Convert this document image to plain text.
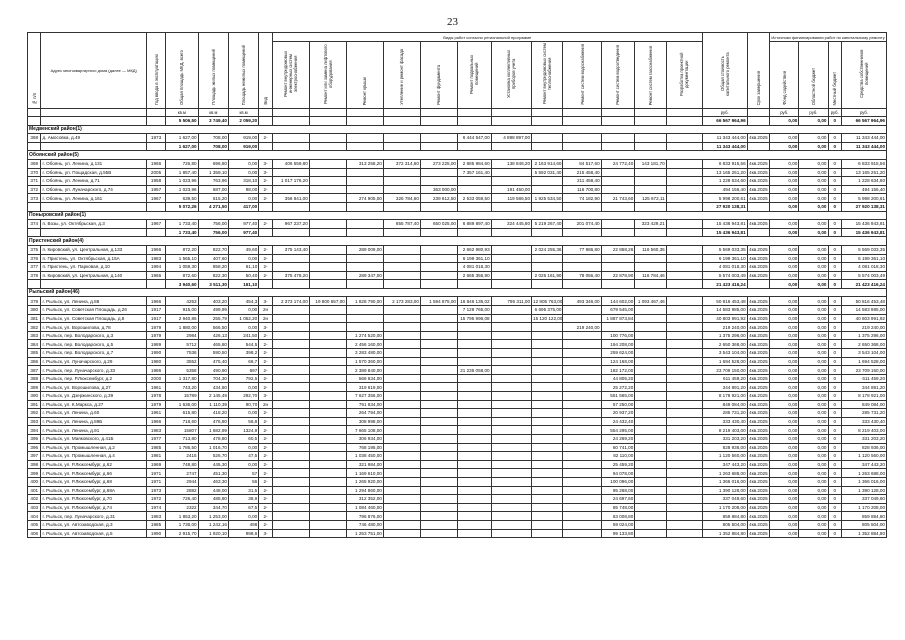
23
№ п/п	Адрес многоквартирного дома (далее — МКД)	Год ввода в эксплуатацию	Общая площадь МКД, всего	Площадь жилых помещений	Площадь нежилых помещений	Вид	Виды работ согласно региональной программе												Общая стоимость капитального ремонта	Срок завершения	Источники финансирования работ по капитальному ремонту			
							Ремонт внутридомовых инженерных систем электроснабжения	Ремонт или замена лифтового оборудования	Ремонт крыши	Утепление и ремонт фасада	Ремонт фундамента	Ремонт подвальных помещений	Установка коллективных приборов учета	Ремонт внутридомовых систем теплоснабжения	Ремонт систем водоснабжения	Ремонт систем водоотведения	Ремонт систем газоснабжения	Разработка проектной документации			Фонд содействия	Областной бюджет	Местный бюджет	Средства собственников помещений
			кв.м	кв.м	кв.м														руб.		руб.	руб.	руб.	руб.
			5 506,50	3 749,40	2 059,20														66 567 964,96		0,00	0,00	0	66 567 964,96
Медвенский район(1)																								
368	д. Амосовка, д.49	1973	1 627,00	708,00	919,00	2-						6 444 547,00	4 898 897,00						11 343 444,00	4кв.2025	0,00	0,00	0	11 343 444,00
			1 627,00	708,00	919,00														11 343 444,00		0,00	0,00	0	11 343 444,00
Обоянский район(5)																								
369	г. Обоянь, ул. Ленина, д.131	1966	726,80	696,80	0,00	3-	406 559,80		313 258,20	372 314,60	273 225,00	2 885 984,60	138 848,20	2 163 914,60	84 517,60	24 772,40	143 181,70		6 833 915,56	4кв.2025	0,00	0,00	0	6 833 915,56
370	г. Обоянь, ул. Пощадская, д.55В	2005	1 857,40	1 359,10	0,00	3-						7 357 161,40		5 592 031,40	215 458,40				13 165 251,20	4кв.2025	0,00	0,00	0	13 165 251,20
371	г. Обоянь, ул. Ленина, д.71	1958	1 023,96	763,96	318,10	2-	1 017 176,20								211 458,40				1 228 634,60	4кв.2025	0,00	0,00	0	1 228 634,60
372	г. Обоянь, ул. Луначарского, д.74	1957	1 023,96	687,00	98,00	2-					363 000,00		191 450,00		116 700,80				494 156,40	4кв.2025	0,00	0,00	0	494 156,40
373	г. Обоянь, ул. Ленина, д.161	1967	639,50	615,20	0,00	2-	356 841,00		274 905,00	326 784,60	239 812,50	2 533 059,50	119 586,50	1 925 534,50	74 182,90	21 743,60	125 672,11		5 998 200,61	4кв.2025	0,00	0,00	0	5 998 200,61
			5 072,26	4 271,50	417,00														27 920 138,31		0,00	0,00	0	27 920 138,31
Поныровский район(1)																								
374	п. Возы, ул. Октябрьская, д.3	1967	1 733,40	756,00	977,40	2-	967 237,20			855 787,40	650 025,00	6 889 897,40	324 445,80	5 219 267,40	201 074,40		323 429,21		15 436 943,81	4кв.2025	0,00	0,00	0	15 436 943,81
			1 733,40	756,00	977,40														15 436 943,81		0,00	0,00	0	15 436 943,81
Пристенский район(4)																								
375	п. Кировский, ул. Центральная, д.133	1966	872,20	822,70	49,60	2-	375 143,40		289 009,00			2 662 980,93		2 024 255,36	77 986,80	22 858,26	116 560,35		5 569 033,35	4кв.2025	0,00	0,00	0	5 569 033,35
376	п. Пристень, ул. Октябрьская, д.15А	1983	1 565,10	407,60	0,00	2-						6 199 361,10							6 199 361,10	4кв.2025	0,00	0,00	0	6 199 361,10
377	п. Пристень, ул. Парковая, д.10	1994	1 059,30	858,20	61,10	2-						4 081 018,30							4 081 018,30	4кв.2025	0,00	0,00	0	4 081 018,30
378	п. Кировский, ул. Центральная, д.140	1966	872,60	822,30	50,40	2-	375 478,20		289 347,00			2 665 356,90		2 026 161,90	78 056,40	22 878,90	116 784,46		5 574 003,49	4кв.2025	0,00	0,00	0	5 574 003,49
			3 940,60	3 511,30	161,10														21 423 416,24		0,00	0,00	0	21 423 416,24
Рыльский район(46)																								
379	г. Рыльск, ул. Ленина, д.88	1966	4253	403,20	454,3	3-	2 373 174,00	19 800 657,00	1 828 790,00	2 173 283,00	1 594 875,00	16 846 135,02	795 311,00	12 805 763,00	493 346,00	144 602,00	1 093 467,46		50 816 453,48	4кв.2025	0,00	0,00	0	50 816 453,48
380	г. Рыльск, ул. Советская Площадь, д.26	1917	915,00	499,99	0,00	2н						7 128 765,00		6 695 375,00		679 545,00			14 583 985,00	4кв.2025	0,00	0,00	0	14 583 985,00
381	г. Рыльск, ул. Советская Площадь, д.8	1917	2 940,86	255,79	1 052,20	2н						15 795 996,08		15 120 122,00		1 887 873,84			40 803 991,92	4кв.2025	0,00	0,00	0	40 803 991,92
382	г. Рыльск, ул. Ворошилова, д.78	1979	1 880,00	566,50	0,00	3-									219 240,00				219 240,00	4кв.2025	0,00	0,00	0	219 240,00
383	г. Рыльск, пер. Володарского, д.3	1979	2984	426,13	241,50	2-			1 274 520,00							100 776,00			1 375 296,00	4кв.2025	0,00	0,00	0	1 375 296,00
384	г. Рыльск, пер. Володарского, д.5	1989	5712	465,80	544,5	2-			2 456 160,00							194 208,00			2 650 368,00	4кв.2025	0,00	0,00	0	2 650 368,00
385	г. Рыльск, пер. Володарского, д.7	1990	7536	590,50	398,2	2-			3 283 480,00							259 624,00			3 543 104,00	4кв.2025	0,00	0,00	0	3 543 104,00
386	г. Рыльск, ул. Луначарского, д.29	1980	3552	475,40	66,7	2-			1 570 360,00							124 168,00			1 694 528,00	4кв.2025	0,00	0,00	0	1 694 528,00
387	г. Рыльск, пер. Луначарского, д.33	1986	5358	490,90	697	2-			2 389 840,00			21 235 058,00				182 172,00			23 709 150,00	4кв.2025	0,00	0,00	0	23 709 150,00
388	г. Рыльск, пер. Р.Люксембург, д.2	2000	1 317,80	704,30	792,5	2-			566 634,00							44 805,20			611 459,20	4кв.2025	0,00	0,00	0	611 459,20
389	г. Рыльск, ул. Ворошилова, д.27	1961	743,20	434,60	0,00	2-			319 619,00							25 272,20			344 891,20	4кв.2025	0,00	0,00	0	344 891,20
390	г. Рыльск, ул. Дзержинского, д.39	1978	15789	2 145,49	292,70	3-			7 627 356,00							551 565,00			8 178 921,00	4кв.2025	0,00	0,00	0	8 178 921,00
391	г. Рыльск, ул. К.Маркса, д.27	1979	1 636,00	1 110,39	90,70	2н			791 834,00							57 250,00			849 084,00	4кв.2025	0,00	0,00	0	849 084,00
392	г. Рыльск, ул. Ленина, д.60	1961	615,80	418,20	0,00	2-			264 794,00							20 937,20			285 731,20	4кв.2025	0,00	0,00	0	285 731,20
393	г. Рыльск, ул. Ленина, д.89Б	1966	718,60	476,80	56,8	2-			308 998,00							24 432,40			333 430,40	4кв.2025	0,00	0,00	0	333 430,40
394	г. Рыльск, ул. Ленина, д.91	1983	15807	1 682,99	1324,9	2-			7 665 108,00							554 295,00			8 219 403,00	4кв.2025	0,00	0,00	0	8 219 403,00
395	г. Рыльск, ул. Маяковского, д.41Б	1977	713,80	478,80	60,5	2-			306 934,00							24 269,20			331 203,20	4кв.2025	0,00	0,00	0	331 203,20
396	г. Рыльск, ул. Промышленная, д.2	1985	1 786,50	1 016,70	0,00	2-			768 195,00							60 741,00			828 936,00	4кв.2025	0,00	0,00	0	828 936,00
397	г. Рыльск, ул. Промышленная, д.4	1981	2415	526,70	47,5	2-			1 038 450,00							82 110,00			1 120 560,00	4кв.2025	0,00	0,00	0	1 120 560,00
398	г. Рыльск, ул. Р.Люксембург, д.62	1969	748,80	445,30	0,00	2-			321 984,00							25 459,20			347 443,20	4кв.2025	0,00	0,00	0	347 443,20
399	г. Рыльск, ул. Р.Люксембург, д.66	1971	2747	451,30	57	2-			1 169 610,00							94 078,00			1 263 688,00	4кв.2025	0,00	0,00	0	1 263 688,00
400	г. Рыльск, ул. Р.Люксембург, д.68	1971	2944	463,30	56	2-			1 265 920,00							100 096,00			1 366 016,00	4кв.2025	0,00	0,00	0	1 366 016,00
401	г. Рыльск, ул. Р.Люксембург, д.68А	1973	2882	448,00	31,5	2-			1 294 860,00							95 268,00			1 390 128,00	4кв.2025	0,00	0,00	0	1 390 128,00
402	г. Рыльск, ул. Р.Люксембург, д.70	1972	726,40	485,80	38,9	2-			312 352,00							24 697,60			337 049,60	4кв.2025	0,00	0,00	0	337 049,60
403	г. Рыльск, ул. Р.Люксембург, д.74	1974	2322	344,70	67,5	2-			1 084 460,00							85 748,00			1 170 208,00	4кв.2025	0,00	0,00	0	1 170 208,00
404	г. Рыльск, пер. Луначарского, д.31	1983	1 853,20	1 253,00	0,00	2-			796 876,00							63 008,80			859 884,80	4кв.2025	0,00	0,00	0	859 884,80
405	г. Рыльск, ул. Автозаводская, д.3	1985	1 736,00	1 242,16	498	2-			746 480,00							59 024,00			805 504,00	4кв.2025	0,00	0,00	0	805 504,00
406	г. Рыльск, ул. Автозаводская, д.5	1990	2 915,70	1 920,10	998,6	3-			1 253 751,00							99 133,80			1 352 884,80	4кв.2025	0,00	0,00	0	1 352 884,80
